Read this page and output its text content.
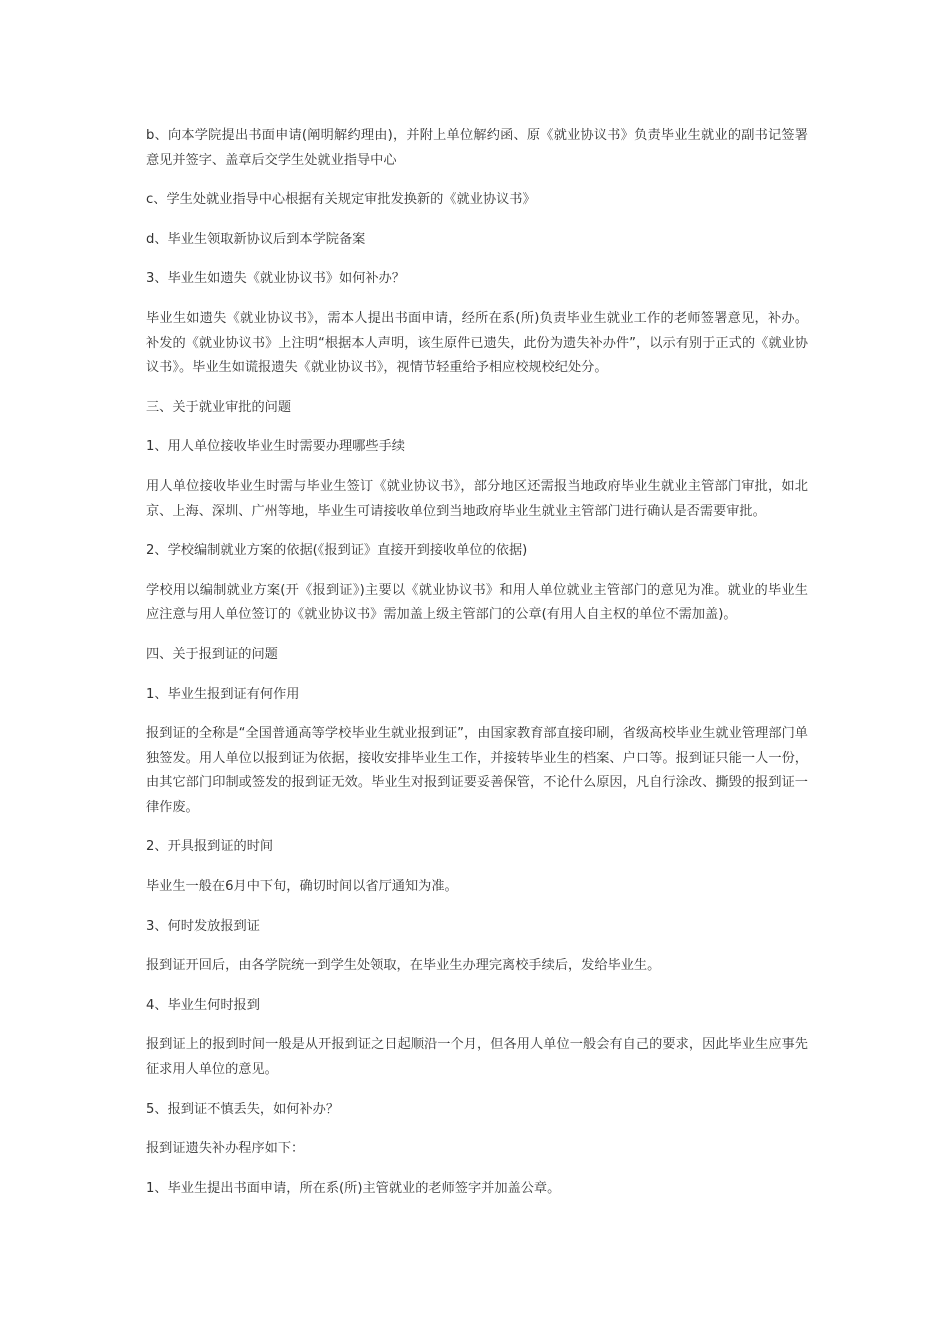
b、向本学院提出书面申请(阐明解约理由)，并附上单位解约函、原《就业协议书》负责毕业生就业的副书记签署意见并签字、盖章后交学生处就业指导中心

c、学生处就业指导中心根据有关规定审批发换新的《就业协议书》

d、毕业生领取新协议后到本学院备案

3、毕业生如遗失《就业协议书》如何补办？

毕业生如遗失《就业协议书》，需本人提出书面申请，经所在系(所)负责毕业生就业工作的老师签署意见，补办。补发的《就业协议书》上注明“根据本人声明，该生原件已遗失，此份为遗失补办件”，以示有别于正式的《就业协议书》。毕业生如谎报遗失《就业协议书》，视情节轻重给予相应校规校纪处分。

三、关于就业审批的问题

1、用人单位接收毕业生时需要办理哪些手续

用人单位接收毕业生时需与毕业生签订《就业协议书》，部分地区还需报当地政府毕业生就业主管部门审批，如北京、上海、深圳、广州等地，毕业生可请接收单位到当地政府毕业生就业主管部门进行确认是否需要审批。

2、学校编制就业方案的依据(《报到证》直接开到接收单位的依据)

学校用以编制就业方案(开《报到证》)主要以《就业协议书》和用人单位就业主管部门的意见为准。就业的毕业生应注意与用人单位签订的《就业协议书》需加盖上级主管部门的公章(有用人自主权的单位不需加盖)。

四、关于报到证的问题

1、毕业生报到证有何作用

报到证的全称是“全国普通高等学校毕业生就业报到证”，由国家教育部直接印刷，省级高校毕业生就业管理部门单独签发。用人单位以报到证为依据，接收安排毕业生工作，并接转毕业生的档案、户口等。报到证只能一人一份，由其它部门印制或签发的报到证无效。毕业生对报到证要妥善保管，不论什么原因，凡自行涂改、撕毁的报到证一律作废。

2、开具报到证的时间

毕业生一般在6月中下旬，确切时间以省厅通知为准。

3、何时发放报到证

报到证开回后，由各学院统一到学生处领取，在毕业生办理完离校手续后，发给毕业生。

4、毕业生何时报到

报到证上的报到时间一般是从开报到证之日起顺沿一个月，但各用人单位一般会有自己的要求，因此毕业生应事先征求用人单位的意见。

5、报到证不慎丢失，如何补办？

报到证遗失补办程序如下：

1、毕业生提出书面申请，所在系(所)主管就业的老师签字并加盖公章。
